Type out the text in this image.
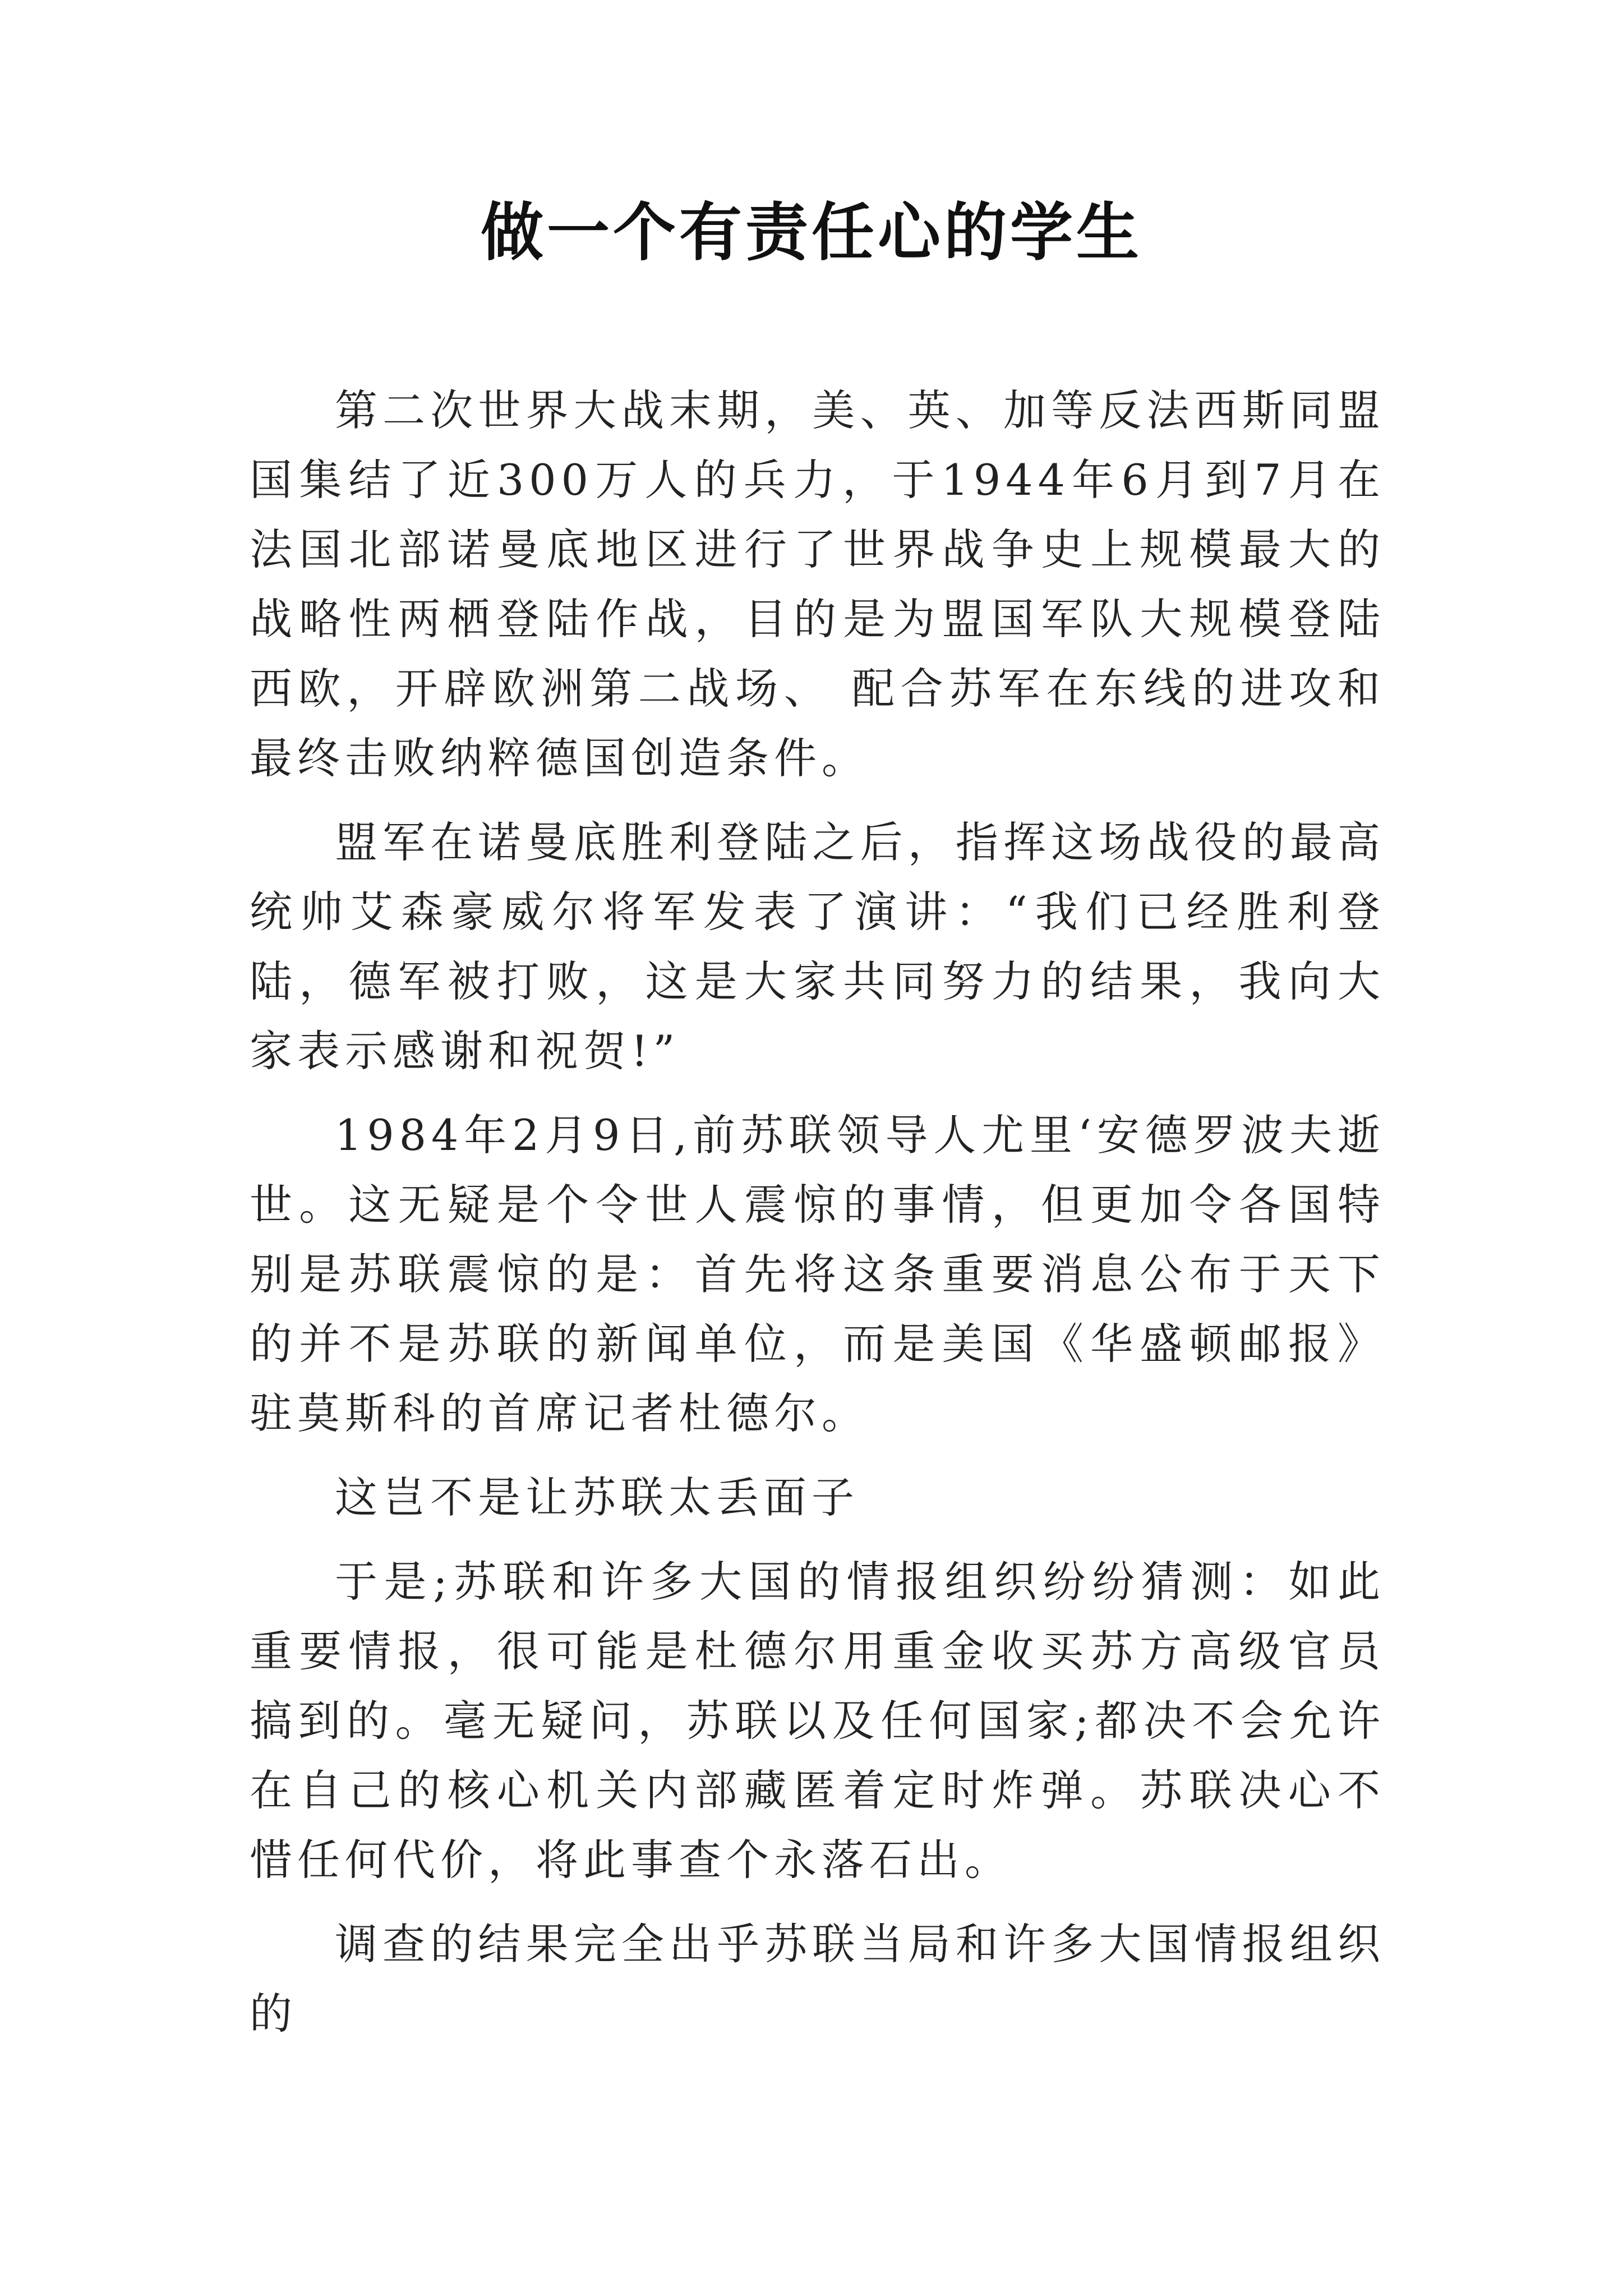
做一个有责任心的学生

第二次世界大战末期，美、英、加等反法西斯同盟国集结了近300万人的兵力，于1944年6月到7月在法国北部诺曼底地区进行了世界战争史上规模最大的战略性两栖登陆作战，目的是为盟国军队大规模登陆西欧，开辟欧洲第二战场、 配合苏军在东线的进攻和最终击败纳粹德国创造条件。

盟军在诺曼底胜利登陆之后，指挥这场战役的最高统帅艾森豪威尔将军发表了演讲：“我们已经胜利登陆，德军被打败，这是大家共同努力的结果，我向大家表示感谢和祝贺!”

1984年2月9日,前苏联领导人尤里‘安德罗波夫逝世。这无疑是个令世人震惊的事情，但更加令各国特别是苏联震惊的是：首先将这条重要消息公布于天下的并不是苏联的新闻单位，而是美国《华盛顿邮报》驻莫斯科的首席记者杜德尔。

这岂不是让苏联太丢面子

于是;苏联和许多大国的情报组织纷纷猜测：如此重要情报，很可能是杜德尔用重金收买苏方高级官员搞到的。毫无疑问，苏联以及任何国家;都决不会允许在自己的核心机关内部藏匿着定时炸弹。苏联决心不惜任何代价，将此事查个永落石出。

调查的结果完全出乎苏联当局和许多大国情报组织的
